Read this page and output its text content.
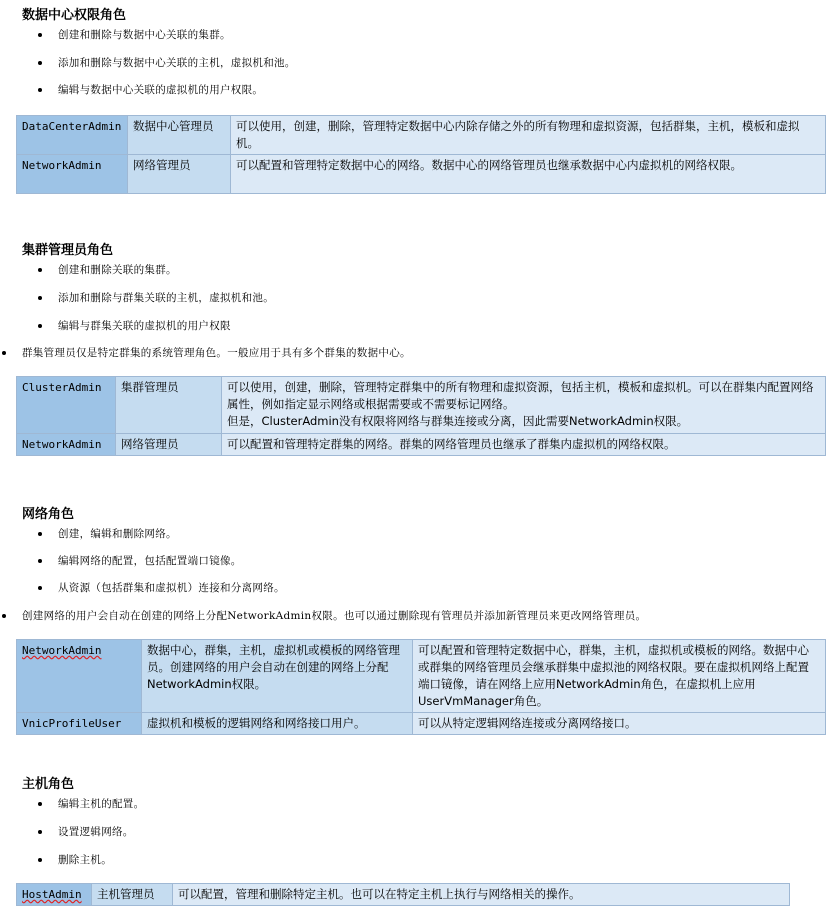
数据中心权限角色
创建和删除与数据中心关联的集群。
添加和删除与数据中心关联的主机，虚拟机和池。
编辑与数据中心关联的虚拟机的用户权限。
DataCenterAdmin	数据中心管理员	可以使用，创建，删除，管理特定数据中心内除存储之外的所有物理和虚拟资源，包括群集，主机，模板和虚拟机。
NetworkAdmin	网络管理员	可以配置和管理特定数据中心的网络。数据中心的网络管理员也继承数据中心内虚拟机的网络权限。
集群管理员角色
创建和删除关联的集群。
添加和删除与群集关联的主机，虚拟机和池。
编辑与群集关联的虚拟机的用户权限
群集管理员仅是特定群集的系统管理角色。一般应用于具有多个群集的数据中心。
ClusterAdmin	集群管理员	可以使用，创建，删除，管理特定群集中的所有物理和虚拟资源，包括主机，模板和虚拟机。可以在群集内配置网络属性，例如指定显示网络或根据需要或不需要标记网络。
但是，ClusterAdmin没有权限将网络与群集连接或分离，因此需要NetworkAdmin权限。

NetworkAdmin	网络管理员	可以配置和管理特定群集的网络。群集的网络管理员也继承了群集内虚拟机的网络权限。
网络角色
创建，编辑和删除网络。
编辑网络的配置，包括配置端口镜像。
从资源（包括群集和虚拟机）连接和分离网络。
创建网络的用户会自动在创建的网络上分配NetworkAdmin权限。也可以通过删除现有管理员并添加新管理员来更改网络管理员。
NetworkAdmin	数据中心，群集，主机，虚拟机或模板的网络管理员。创建网络的用户会自动在创建的网络上分配NetworkAdmin权限。	可以配置和管理特定数据中心，群集，主机，虚拟机或模板的网络。数据中心或群集的网络管理员会继承群集中虚拟池的网络权限。要在虚拟机网络上配置端口镜像，请在网络上应用NetworkAdmin角色，在虚拟机上应用UserVmManager角色。
VnicProfileUser	虚拟机和模板的逻辑网络和网络接口用户。	可以从特定逻辑网络连接或分离网络接口。
主机角色
编辑主机的配置。
设置逻辑网络。
删除主机。
HostAdmin	主机管理员	可以配置，管理和删除特定主机。也可以在特定主机上执行与网络相关的操作。
